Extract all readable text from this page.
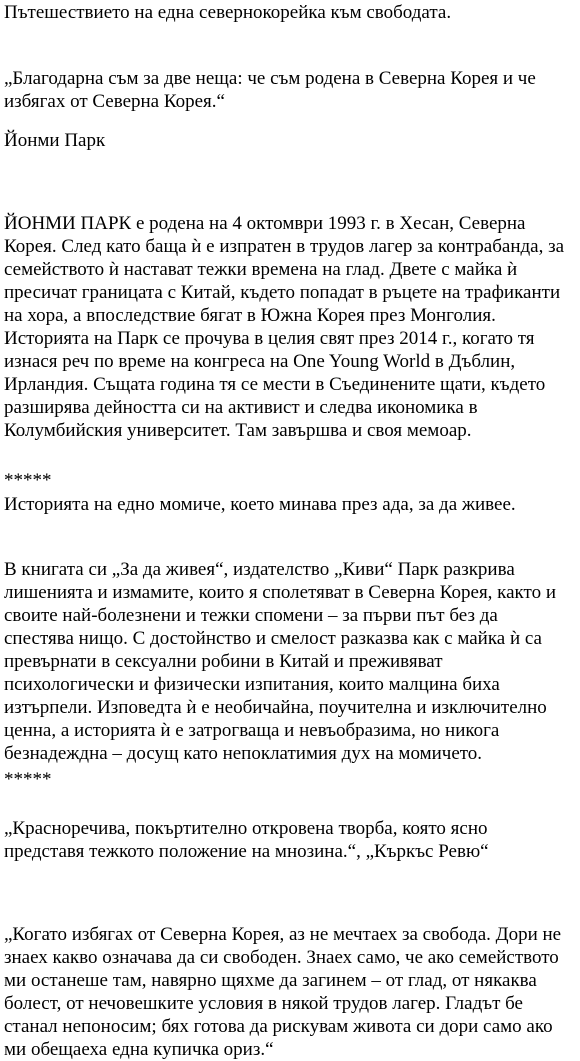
Пътешествието на една севернокорейка към свободата.

„Благодарна съм за две неща: че съм родена в Северна Корея и че
избягах от Северна Корея.“

Йонми Парк

ЙОНМИ ПАРК е родена на 4 октомври 1993 г. в Хесан, Северна
Корея. След като баща ѝ е изпратен в трудов лагер за контрабанда, за
семейството ѝ настават тежки времена на глад. Двете с майка ѝ
пресичат границата с Китай, където попадат в ръцете на трафиканти
на хора, а впоследствие бягат в Южна Корея през Монголия.
Историята на Парк се прочува в целия свят през 2014 г., когато тя
изнася реч по време на конгреса на One Young World в Дъблин,
Ирландия. Същата година тя се мести в Съединените щати, където
разширява дейността си на активист и следва икономика в
Колумбийския университет. Там завършва и своя мемоар.

*****

Историята на едно момиче, което минава през ада, за да живее.

В книгата си „За да живея“, издателство „Киви“ Парк разкрива
лишенията и измамите, които я сполетяват в Северна Корея, както и
своите най-болезнени и тежки спомени – за първи път без да
спестява нищо. С достойнство и смелост разказва как с майка ѝ са
превърнати в сексуални робини в Китай и преживяват
психологически и физически изпитания, които малцина биха
изтърпели. Изповедта ѝ е необичайна, поучителна и изключително
ценна, а историята ѝ е затрогваща и невъобразима, но никога
безнадеждна – досущ като непоклатимия дух на момичето.

*****

„Красноречива, покъртително откровена творба, която ясно
представя тежкото положение на мнозина.“, „Къркъс Ревю“
„Когато избягах от Северна Корея, аз не мечтаех за свобода. Дори не
знаех какво означава да си свободен. Знаех само, че ако семейството
ми останеше там, навярно щяхме да загинем – от глад, от някаква
болест, от нечовешките условия в някой трудов лагер. Гладът бе
станал непоносим; бях готова да рискувам живота си дори само ако
ми обещаеха една купичка ориз.“
